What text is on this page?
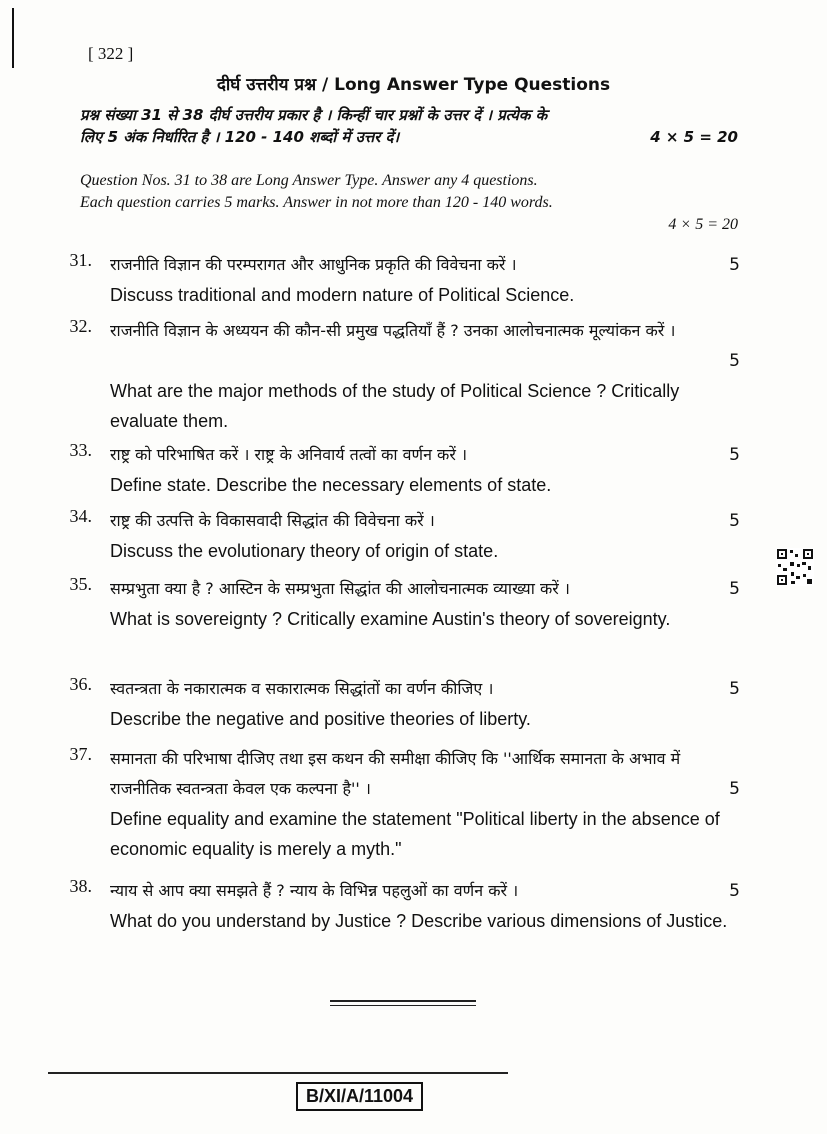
[ 322 ]
दीर्घ उत्तरीय प्रश्न / Long Answer Type Questions
प्रश्न संख्या 31 से 38 दीर्घ उत्तरीय प्रकार है । किन्हीं चार प्रश्नों के उत्तर दें । प्रत्येक के
लिए 5 अंक निर्धारित है । 120 - 140 शब्दों में उत्तर दें।	4 × 5 = 20
Question Nos. 31 to 38 are Long Answer Type. Answer any 4 questions.
Each question carries 5 marks. Answer in not more than 120 - 140 words.
4 × 5 = 20
31.	राजनीति विज्ञान की परम्परागत और आधुनिक प्रकृति की विवेचना करें ।	5
Discuss traditional and modern nature of Political Science.
32.	राजनीति विज्ञान के अध्ययन की कौन-सी प्रमुख पद्धतियाँ हैं ? उनका आलोचनात्मक मूल्यांकन करें ।
5
What are the major methods of the study of Political Science ? Critically evaluate them.
33.	राष्ट्र को परिभाषित करें । राष्ट्र के अनिवार्य तत्वों का वर्णन करें ।	5
Define state. Describe the necessary elements of state.
34.	राष्ट्र की उत्पत्ति के विकासवादी सिद्धांत की विवेचना करें ।	5
Discuss the evolutionary theory of origin of state.
35.	सम्प्रभुता क्या है ? आस्टिन के सम्प्रभुता सिद्धांत की आलोचनात्मक व्याख्या करें ।	5
What is sovereignty ? Critically examine Austin's theory of sovereignty.
36.	स्वतन्त्रता के नकारात्मक व सकारात्मक सिद्धांतों का वर्णन कीजिए ।	5
Describe the negative and positive theories of liberty.
37.	समानता की परिभाषा दीजिए तथा इस कथन की समीक्षा कीजिए कि ''आर्थिक समानता के अभाव में राजनीतिक स्वतन्त्रता केवल एक कल्पना है'' ।	5
Define equality and examine the statement "Political liberty in the absence of economic equality is merely a myth."
38.	न्याय से आप क्या समझते हैं ? न्याय के विभिन्न पहलुओं का वर्णन करें ।	5
What do you understand by Justice ? Describe various dimensions of Justice.
B/XI/A/11004
